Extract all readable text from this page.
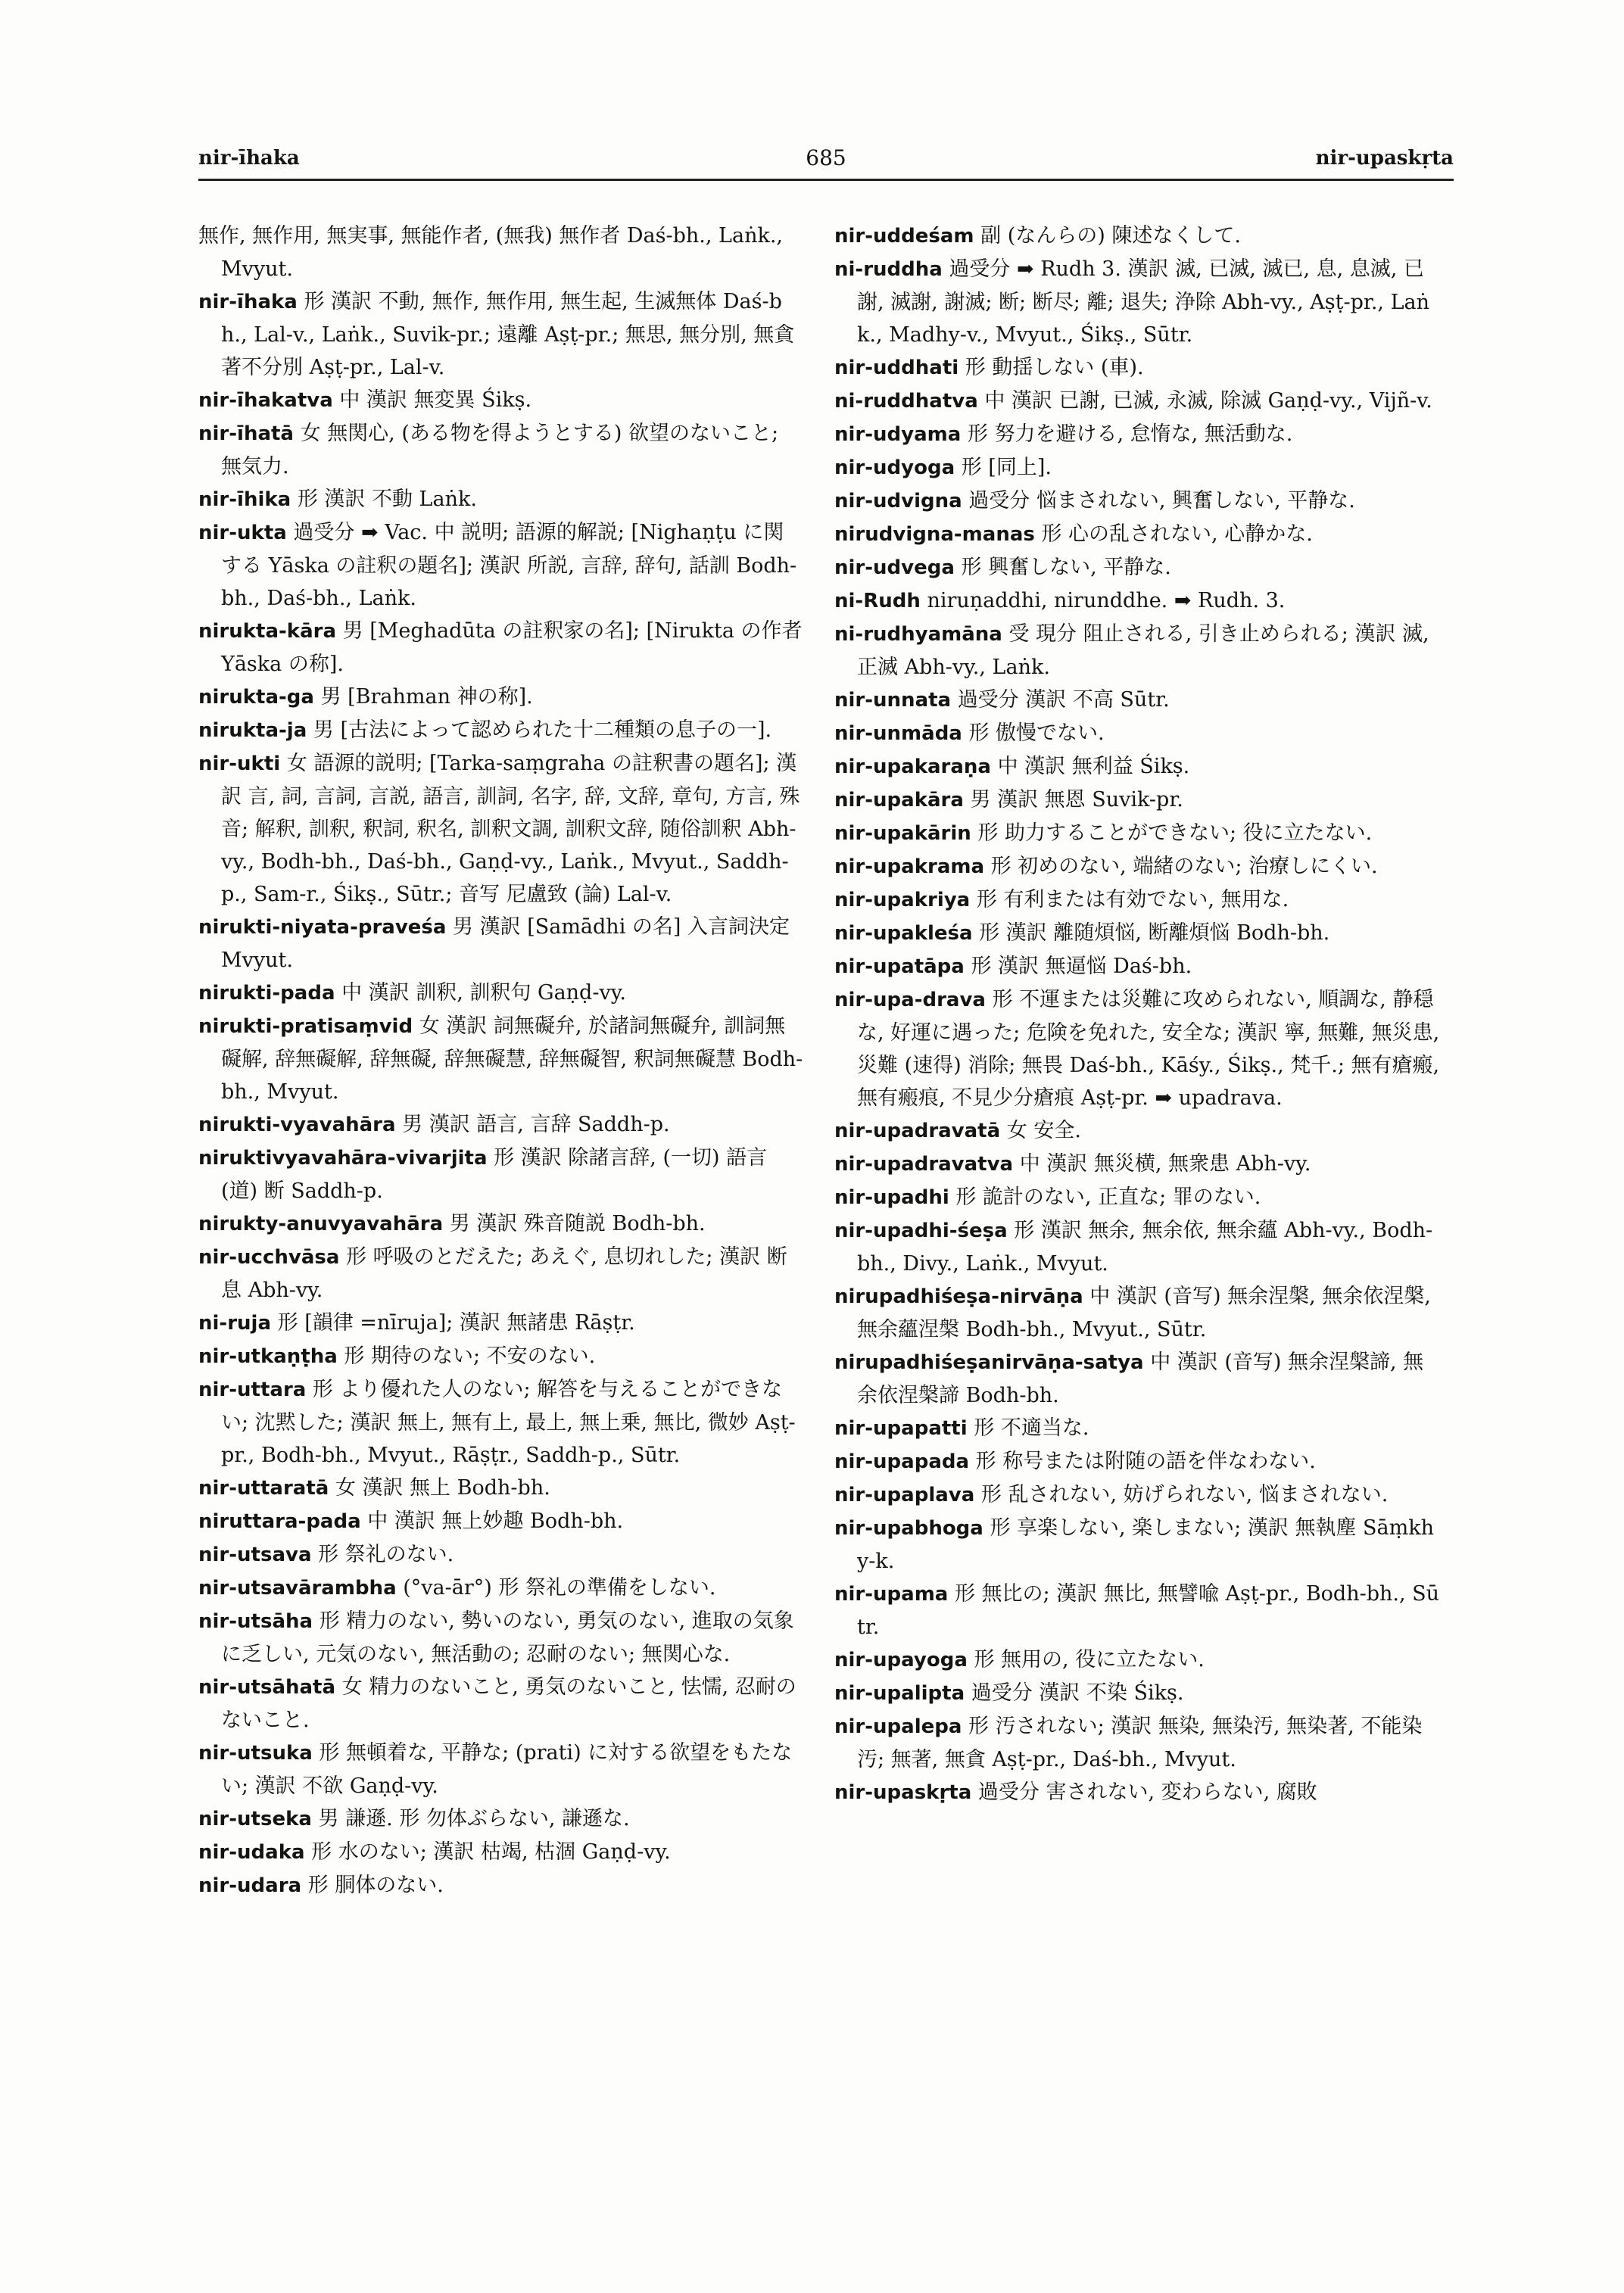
nir-īhaka	685	nir-upaskṛta

無作, 無作用, 無実事, 無能作者, (無我) 無作者 Daś-bh., Laṅk., Mvyut.

nir-īhaka 形 漢訳 不動, 無作, 無作用, 無生起, 生滅無体 Daś-bh., Lal-v., Laṅk., Suvik-pr.; 遠離 Aṣṭ-pr.; 無思, 無分別, 無貪著不分別 Aṣṭ-pr., Lal-v.

nir-īhakatva 中 漢訳 無変異 Śikṣ.

nir-īhatā 女 無関心, (ある物を得ようとする) 欲望のないこと; 無気力.

nir-īhika 形 漢訳 不動 Laṅk.

nir-ukta 過受分 ➡ Vac. 中 説明; 語源的解説; [Nighaṇṭu に関する Yāska の註釈の題名]; 漢訳 所説, 言辞, 辞句, 話訓 Bodh-bh., Daś-bh., Laṅk.

nirukta-kāra 男 [Meghadūta の註釈家の名]; [Nirukta の作者 Yāska の称].

nirukta-ga 男 [Brahman 神の称].

nirukta-ja 男 [古法によって認められた十二種類の息子の一].

nir-ukti 女 語源的説明; [Tarka-saṃgraha の註釈書の題名]; 漢訳 言, 詞, 言詞, 言説, 語言, 訓詞, 名字, 辞, 文辞, 章句, 方言, 殊音; 解釈, 訓釈, 釈詞, 釈名, 訓釈文調, 訓釈文辞, 随俗訓釈 Abh-vy., Bodh-bh., Daś-bh., Gaṇḍ-vy., Laṅk., Mvyut., Saddh-p., Sam-r., Śikṣ., Sūtr.; 音写 尼盧致 (論) Lal-v.

nirukti-niyata-praveśa 男 漢訳 [Samādhi の名] 入言詞決定 Mvyut.

nirukti-pada 中 漢訳 訓釈, 訓釈句 Gaṇḍ-vy.

nirukti-pratisaṃvid 女 漢訳 詞無礙弁, 於諸詞無礙弁, 訓詞無礙解, 辞無礙解, 辞無礙, 辞無礙慧, 辞無礙智, 釈詞無礙慧 Bodh-bh., Mvyut.

nirukti-vyavahāra 男 漢訳 語言, 言辞 Saddh-p.

niruktivyavahāra-vivarjita 形 漢訳 除諸言辞, (一切) 語言 (道) 断 Saddh-p.

nirukty-anuvyavahāra 男 漢訳 殊音随説 Bodh-bh.

nir-ucchvāsa 形 呼吸のとだえた; あえぐ, 息切れした; 漢訳 断息 Abh-vy.

ni-ruja 形 [韻律 =nīruja]; 漢訳 無諸患 Rāṣṭr.

nir-utkaṇṭha 形 期待のない; 不安のない.

nir-uttara 形 より優れた人のない; 解答を与えることができない; 沈黙した; 漢訳 無上, 無有上, 最上, 無上乗, 無比, 微妙 Aṣṭ-pr., Bodh-bh., Mvyut., Rāṣṭr., Saddh-p., Sūtr.

nir-uttaratā 女 漢訳 無上 Bodh-bh.

niruttara-pada 中 漢訳 無上妙趣 Bodh-bh.

nir-utsava 形 祭礼のない.

nir-utsavārambha (°va-ār°) 形 祭礼の準備をしない.

nir-utsāha 形 精力のない, 勢いのない, 勇気のない, 進取の気象に乏しい, 元気のない, 無活動の; 忍耐のない; 無関心な.

nir-utsāhatā 女 精力のないこと, 勇気のないこと, 怯懦, 忍耐のないこと.

nir-utsuka 形 無頓着な, 平静な; (prati) に対する欲望をもたない; 漢訳 不欲 Gaṇḍ-vy.

nir-utseka 男 謙遜. 形 勿体ぶらない, 謙遜な.

nir-udaka 形 水のない; 漢訳 枯竭, 枯涸 Gaṇḍ-vy.

nir-udara 形 胴体のない.

nir-uddeśam 副 (なんらの) 陳述なくして.

ni-ruddha 過受分 ➡ Rudh 3. 漢訳 滅, 已滅, 滅已, 息, 息滅, 已謝, 滅謝, 謝滅; 断; 断尽; 離; 退失; 浄除 Abh-vy., Aṣṭ-pr., Laṅk., Madhy-v., Mvyut., Śikṣ., Sūtr.

nir-uddhati 形 動揺しない (車).

ni-ruddhatva 中 漢訳 已謝, 已滅, 永滅, 除滅 Gaṇḍ-vy., Vijñ-v.

nir-udyama 形 努力を避ける, 怠惰な, 無活動な.

nir-udyoga 形 [同上].

nir-udvigna 過受分 悩まされない, 興奮しない, 平静な.

nirudvigna-manas 形 心の乱されない, 心静かな.

nir-udvega 形 興奮しない, 平静な.

ni-Rudh niruṇaddhi, nirunddhe. ➡ Rudh. 3.

ni-rudhyamāna 受 現分 阻止される, 引き止められる; 漢訳 滅, 正滅 Abh-vy., Laṅk.

nir-unnata 過受分 漢訳 不高 Sūtr.

nir-unmāda 形 傲慢でない.

nir-upakaraṇa 中 漢訳 無利益 Śikṣ.

nir-upakāra 男 漢訳 無恩 Suvik-pr.

nir-upakārin 形 助力することができない; 役に立たない.

nir-upakrama 形 初めのない, 端緒のない; 治療しにくい.

nir-upakriya 形 有利または有効でない, 無用な.

nir-upakleśa 形 漢訳 離随煩悩, 断離煩悩 Bodh-bh.

nir-upatāpa 形 漢訳 無逼悩 Daś-bh.

nir-upa-drava 形 不運または災難に攻められない, 順調な, 静穏な, 好運に遇った; 危険を免れた, 安全な; 漢訳 寧, 無難, 無災患, 災難 (速得) 消除; 無畏 Daś-bh., Kāśy., Śikṣ., 梵千.; 無有瘡瘢, 無有瘢痕, 不見少分瘡痕 Aṣṭ-pr. ➡ upadrava.

nir-upadravatā 女 安全.

nir-upadravatva 中 漢訳 無災横, 無衆患 Abh-vy.

nir-upadhi 形 詭計のない, 正直な; 罪のない.

nir-upadhi-śeṣa 形 漢訳 無余, 無余依, 無余蘊 Abh-vy., Bodh-bh., Divy., Laṅk., Mvyut.

nirupadhiśeṣa-nirvāṇa 中 漢訳 (音写) 無余涅槃, 無余依涅槃, 無余蘊涅槃 Bodh-bh., Mvyut., Sūtr.

nirupadhiśeṣanirvāṇa-satya 中 漢訳 (音写) 無余涅槃諦, 無余依涅槃諦 Bodh-bh.

nir-upapatti 形 不適当な.

nir-upapada 形 称号または附随の語を伴なわない.

nir-upaplava 形 乱されない, 妨げられない, 悩まされない.

nir-upabhoga 形 享楽しない, 楽しまない; 漢訳 無執塵 Sāṃkhy-k.

nir-upama 形 無比の; 漢訳 無比, 無譬喩 Aṣṭ-pr., Bodh-bh., Sūtr.

nir-upayoga 形 無用の, 役に立たない.

nir-upalipta 過受分 漢訳 不染 Śikṣ.

nir-upalepa 形 汚されない; 漢訳 無染, 無染汚, 無染著, 不能染汚; 無著, 無貪 Aṣṭ-pr., Daś-bh., Mvyut.

nir-upaskṛta 過受分 害されない, 変わらない, 腐敗
